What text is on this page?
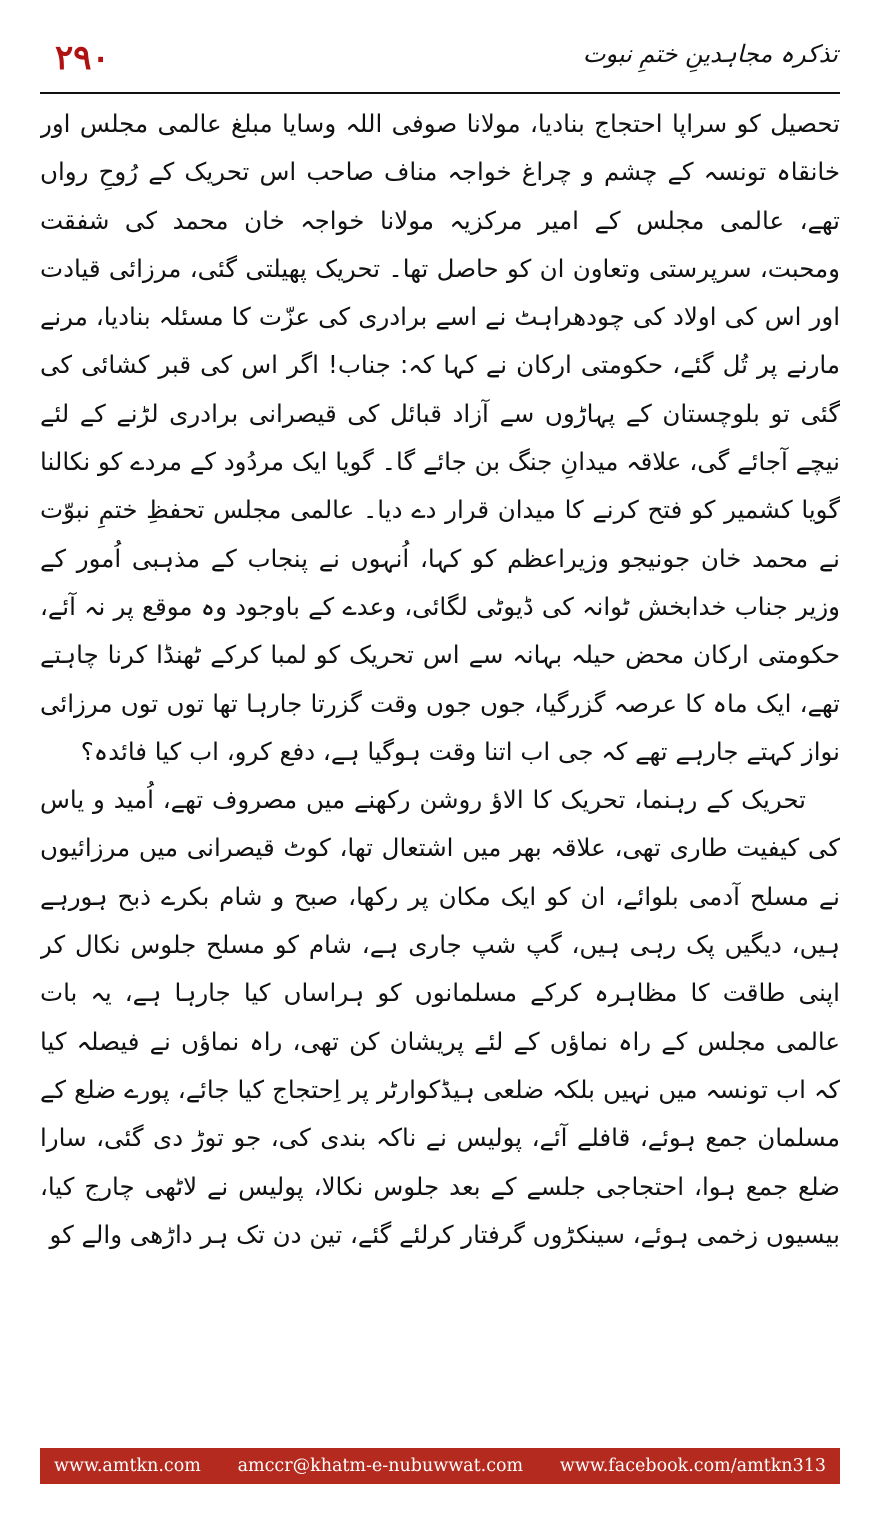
۲۹۰	تذکرہ مجاہدینِ ختمِ نبوت

تحصیل کو سراپا احتجاج بنادیا، مولانا صوفی اللہ وسایا مبلغ عالمی مجلس اور خانقاہ تونسہ کے چشم و چراغ خواجہ مناف صاحب اس تحریک کے رُوحِ رواں تھے، عالمی مجلس کے امیر مرکزیہ مولانا خواجہ خان محمد کی شفقت ومحبت، سرپرستی وتعاون ان کو حاصل تھا۔ تحریک پھیلتی گئی، مرزائی قیادت اور اس کی اولاد کی چودھراہٹ نے اسے برادری کی عزّت کا مسئلہ بنادیا، مرنے مارنے پر تُل گئے، حکومتی ارکان نے کہا کہ: جناب! اگر اس کی قبر کشائی کی گئی تو بلوچستان کے پہاڑوں سے آزاد قبائل کی قیصرانی برادری لڑنے کے لئے نیچے آجائے گی، علاقہ میدانِ جنگ بن جائے گا۔ گویا ایک مردُود کے مردے کو نکالنا گویا کشمیر کو فتح کرنے کا میدان قرار دے دیا۔ عالمی مجلس تحفظِ ختمِ نبوّت نے محمد خان جونیجو وزیراعظم کو کہا، اُنہوں نے پنجاب کے مذہبی اُمور کے وزیر جناب خدابخش ٹوانہ کی ڈیوٹی لگائی، وعدے کے باوجود وہ موقع پر نہ آئے، حکومتی ارکان محض حیلہ بہانہ سے اس تحریک کو لمبا کرکے ٹھنڈا کرنا چاہتے تھے، ایک ماہ کا عرصہ گزرگیا، جوں جوں وقت گزرتا جارہا تھا توں توں مرزائی نواز کہتے جارہے تھے کہ جی اب اتنا وقت ہوگیا ہے، دفع کرو، اب کیا فائدہ؟

تحریک کے رہنما، تحریک کا الاؤ روشن رکھنے میں مصروف تھے، اُمید و یاس کی کیفیت طاری تھی، علاقہ بھر میں اشتعال تھا، کوٹ قیصرانی میں مرزائیوں نے مسلح آدمی بلوائے، ان کو ایک مکان پر رکھا، صبح و شام بکرے ذبح ہورہے ہیں، دیگیں پک رہی ہیں، گپ شپ جاری ہے، شام کو مسلح جلوس نکال کر اپنی طاقت کا مظاہرہ کرکے مسلمانوں کو ہراساں کیا جارہا ہے، یہ بات عالمی مجلس کے راہ نماؤں کے لئے پریشان کن تھی، راہ نماؤں نے فیصلہ کیا کہ اب تونسہ میں نہیں بلکہ ضلعی ہیڈکوارٹر پر اِحتجاج کیا جائے، پورے ضلع کے مسلمان جمع ہوئے، قافلے آئے، پولیس نے ناکہ بندی کی، جو توڑ دی گئی، سارا ضلع جمع ہوا، احتجاجی جلسے کے بعد جلوس نکالا، پولیس نے لاٹھی چارج کیا، بیسیوں زخمی ہوئے، سینکڑوں گرفتار کرلئے گئے، تین دن تک ہر داڑھی والے کو

www.amtkn.com amccr@khatm-e-nubuwwat.com www.facebook.com/amtkn313
